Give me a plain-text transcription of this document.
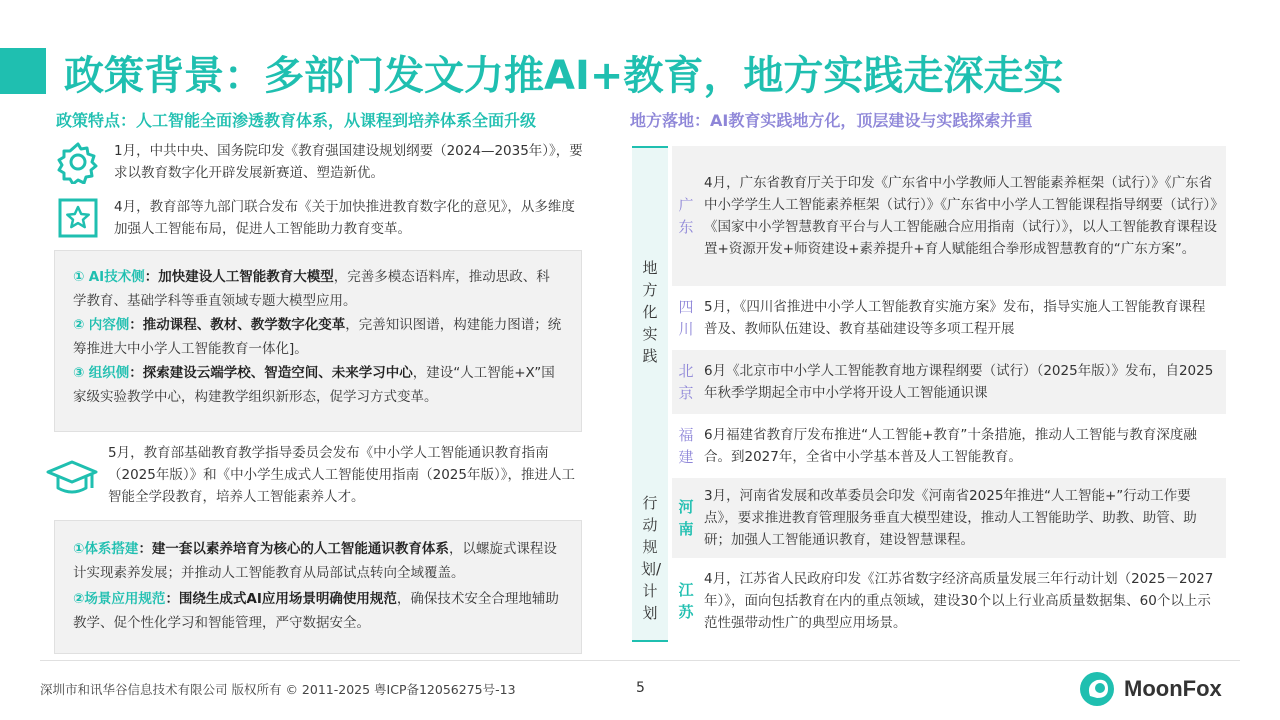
政策背景：多部门发文力推AI+教育，地方实践走深走实
政策特点：人工智能全面渗透教育体系，从课程到培养体系全面升级	地方落地：AI教育实践地方化，顶层建设与实践探索并重
1月，中共中央、国务院印发《教育强国建设规划纲要（2024—2035年）》，要求以教育数字化开辟发展新赛道、塑造新优。
4月，教育部等九部门联合发布《关于加快推进教育数字化的意见》，从多维度加强人工智能布局，促进人工智能助力教育变革。
① AI技术侧：加快建设人工智能教育大模型，完善多模态语料库，推动思政、科学教育、基础学科等垂直领域专题大模型应用。
② 内容侧：推动课程、教材、教学数字化变革，完善知识图谱，构建能力图谱；统筹推进大中小学人工智能教育一体化]。
③ 组织侧：探索建设云端学校、智造空间、未来学习中心，建设“人工智能+X”国家级实验教学中心，构建教学组织新形态，促学习方式变革。
5月，教育部基础教育教学指导委员会发布《中小学人工智能通识教育指南（2025年版）》和《中小学生成式人工智能使用指南（2025年版）》，推进人工智能全学段教育，培养人工智能素养人才。
①体系搭建：建一套以素养培育为核心的人工智能通识教育体系，以螺旋式课程设计实现素养发展；并推动人工智能教育从局部试点转向全域覆盖。
②场景应用规范：围绕生成式AI应用场景明确使用规范，确保技术安全合理地辅助教学、促个性化学习和智能管理，严守数据安全。
地方化实践
行动规划/计划
广东
4月，广东省教育厅关于印发《广东省中小学教师人工智能素养框架（试行）》《广东省中小学学生人工智能素养框架（试行）》《广东省中小学人工智能课程指导纲要（试行）》《国家中小学智慧教育平台与人工智能融合应用指南（试行）》，以人工智能教育课程设置+资源开发+师资建设+素养提升+育人赋能组合拳形成智慧教育的“广东方案”。
四川
5月，《四川省推进中小学人工智能教育实施方案》发布，指导实施人工智能教育课程普及、教师队伍建设、教育基础建设等多项工程开展
北京
6月《北京市中小学人工智能教育地方课程纲要（试行）（2025年版）》发布，自2025年秋季学期起全市中小学将开设人工智能通识课
福建
6月福建省教育厅发布推进“人工智能+教育”十条措施，推动人工智能与教育深度融合。到2027年，全省中小学基本普及人工智能教育。
河南
3月，河南省发展和改革委员会印发《河南省2025年推进“人工智能+”行动工作要点》，要求推进教育管理服务垂直大模型建设，推动人工智能助学、助教、助管、助研；加强人工智能通识教育，建设智慧课程。
江苏
4月，江苏省人民政府印发《江苏省数字经济高质量发展三年行动计划（2025－2027年）》，面向包括教育在内的重点领域，建设30个以上行业高质量数据集、60个以上示范性强带动性广的典型应用场景。
深圳市和讯华谷信息技术有限公司 版权所有 © 2011-2025 粤ICP备12056275号-13	5	MoonFox
